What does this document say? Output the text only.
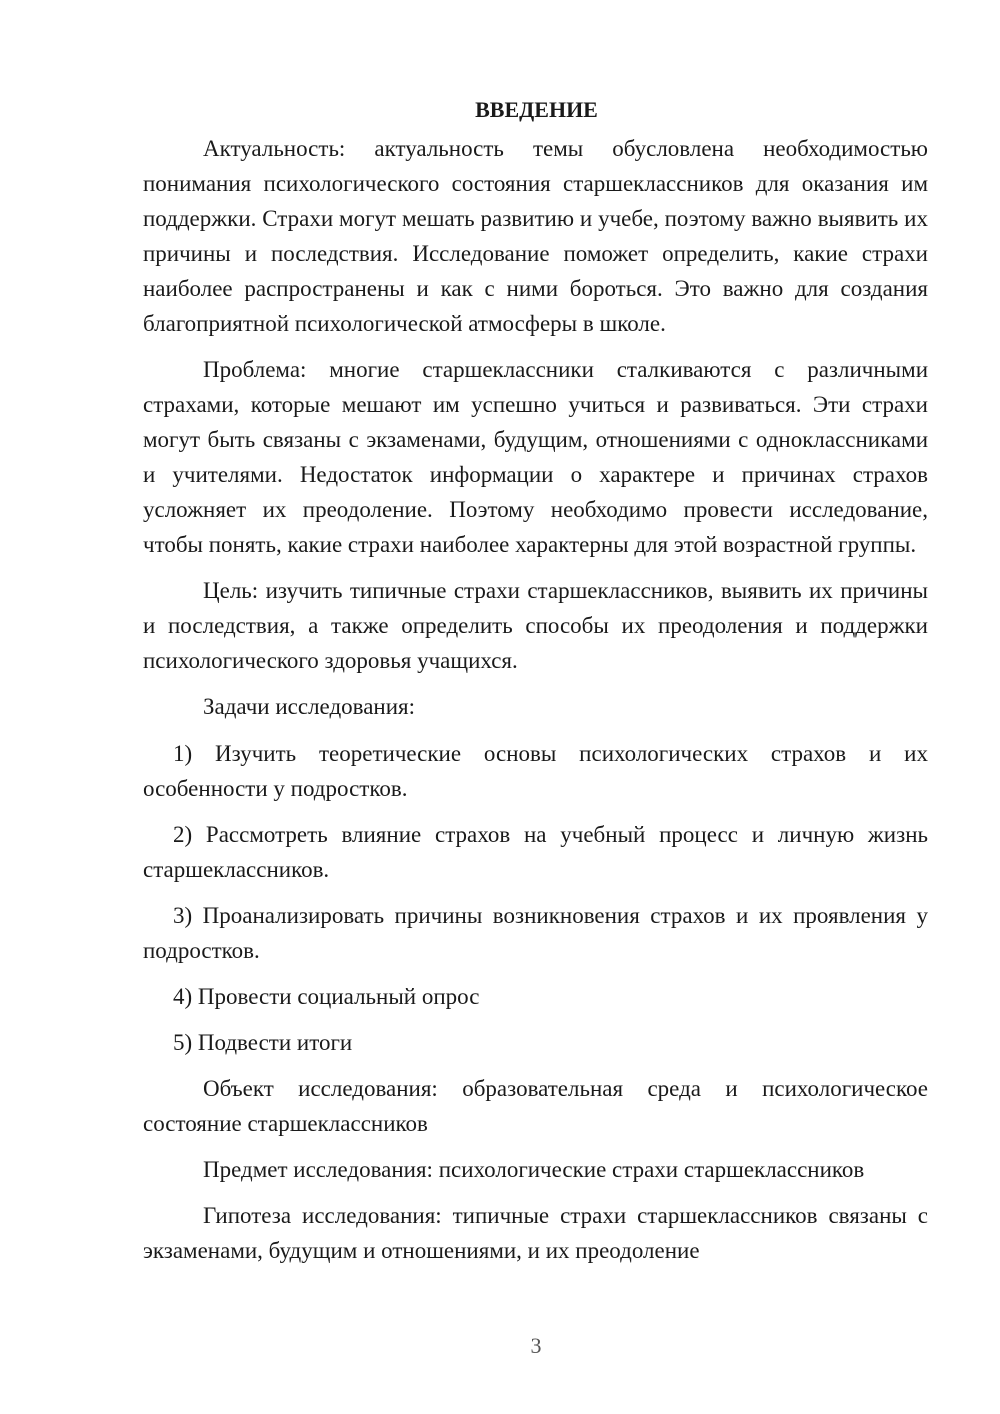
ВВЕДЕНИЕ

Актуальность: актуальность темы обусловлена необходимостью понимания психологического состояния старшеклассников для оказания им поддержки. Страхи могут мешать развитию и учебе, поэтому важно выявить их причины и последствия. Исследование поможет определить, какие страхи наиболее распространены и как с ними бороться. Это важно для создания благоприятной психологической атмосферы в школе.

Проблема: многие старшеклассники сталкиваются с различными страхами, которые мешают им успешно учиться и развиваться. Эти страхи могут быть связаны с экзаменами, будущим, отношениями с одноклассниками и учителями. Недостаток информации о характере и причинах страхов усложняет их преодоление. Поэтому необходимо провести исследование, чтобы понять, какие страхи наиболее характерны для этой возрастной группы.

Цель: изучить типичные страхи старшеклассников, выявить их причины и последствия, а также определить способы их преодоления и поддержки психологического здоровья учащихся.

Задачи исследования:

1) Изучить теоретические основы психологических страхов и их особенности у подростков.

2) Рассмотреть влияние страхов на учебный процесс и личную жизнь старшеклассников.

3) Проанализировать причины возникновения страхов и их проявления у подростков.

4) Провести социальный опрос

5) Подвести итоги

Объект исследования: образовательная среда и психологическое состояние старшеклассников

Предмет исследования: психологические страхи старшеклассников

Гипотеза исследования: типичные страхи старшеклассников связаны с экзаменами, будущим и отношениями, и их преодоление

3
